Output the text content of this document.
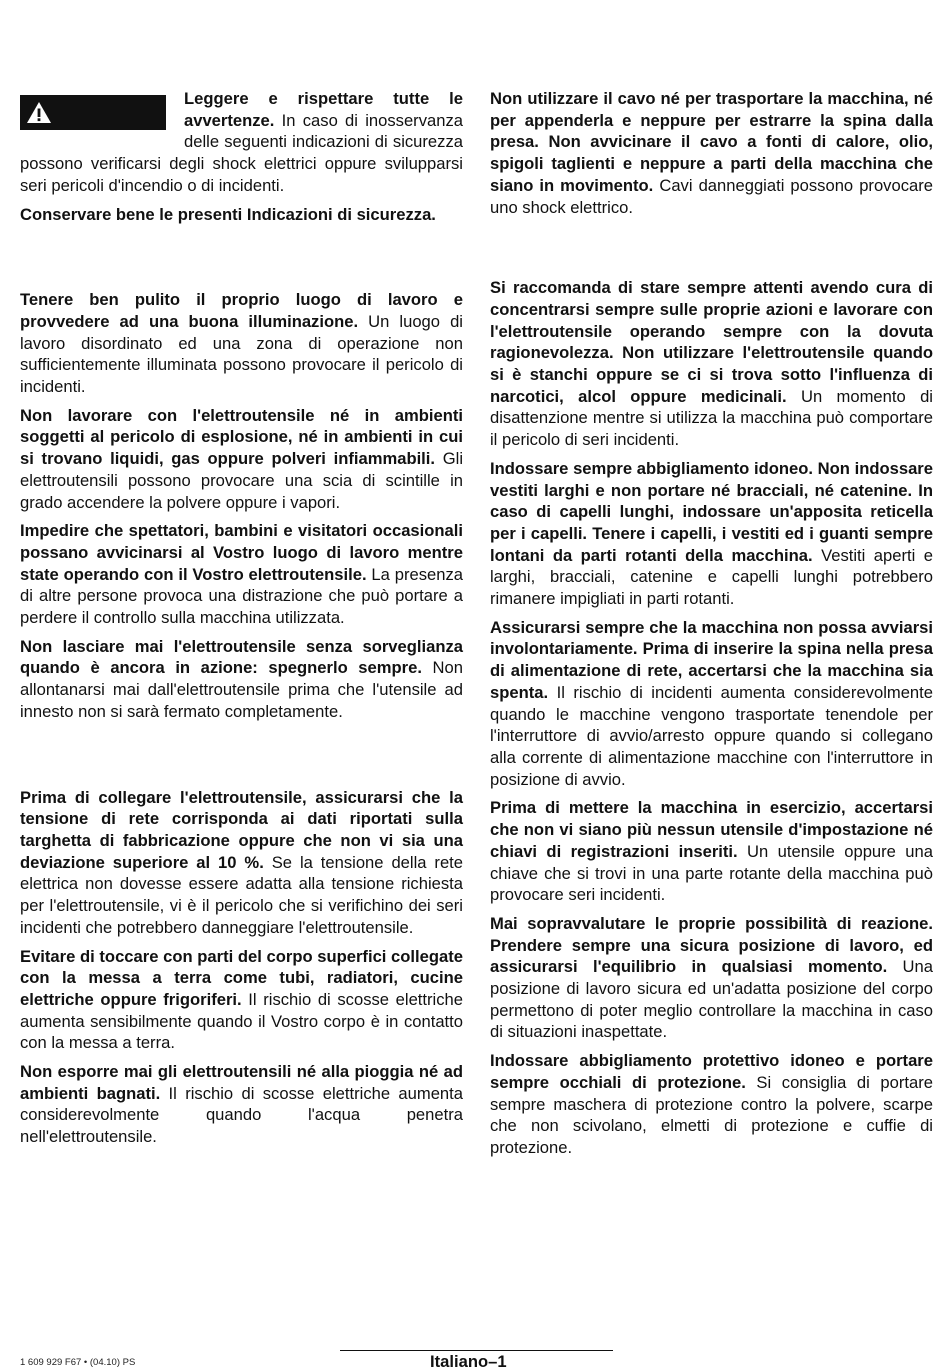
Leggere e rispettare tutte le avvertenze. In caso di inosservanza delle seguenti indicazioni di sicurezza possono verificarsi degli shock elettrici oppure svilupparsi seri pericoli d'incendio o di incidenti.

Conservare bene le presenti Indicazioni di sicurezza.

Tenere ben pulito il proprio luogo di lavoro e provvedere ad una buona illuminazione. Un luogo di lavoro disordinato ed una zona di operazione non sufficientemente illuminata possono provocare il pericolo di incidenti.

Non lavorare con l'elettroutensile né in ambienti soggetti al pericolo di esplosione, né in ambienti in cui si trovano liquidi, gas oppure polveri infiammabili. Gli elettroutensili possono provocare una scia di scintille in grado accendere la polvere oppure i vapori.

Impedire che spettatori, bambini e visitatori occasionali possano avvicinarsi al Vostro luogo di lavoro mentre state operando con il Vostro elettroutensile. La presenza di altre persone provoca una distrazione che può portare a perdere il controllo sulla macchina utilizzata.

Non lasciare mai l'elettroutensile senza sorveglianza quando è ancora in azione: spegnerlo sempre. Non allontanarsi mai dall'elettroutensile prima che l'utensile ad innesto non si sarà fermato completamente.

Prima di collegare l'elettroutensile, assicurarsi che la tensione di rete corrisponda ai dati riportati sulla targhetta di fabbricazione oppure che non vi sia una deviazione superiore al 10 %. Se la tensione della rete elettrica non dovesse essere adatta alla tensione richiesta per l'elettroutensile, vi è il pericolo che si verifichino dei seri incidenti che potrebbero danneggiare l'elettroutensile.

Evitare di toccare con parti del corpo superfici collegate con la messa a terra come tubi, radiatori, cucine elettriche oppure frigoriferi. Il rischio di scosse elettriche aumenta sensibilmente quando il Vostro corpo è in contatto con la messa a terra.

Non esporre mai gli elettroutensili né alla pioggia né ad ambienti bagnati. Il rischio di scosse elettriche aumenta considerevolmente quando l'acqua penetra nell'elettroutensile.

Non utilizzare il cavo né per trasportare la macchina, né per appenderla e neppure per estrarre la spina dalla presa. Non avvicinare il cavo a fonti di calore, olio, spigoli taglienti e neppure a parti della macchina che siano in movimento. Cavi danneggiati possono provocare uno shock elettrico.

Si raccomanda di stare sempre attenti avendo cura di concentrarsi sempre sulle proprie azioni e lavorare con l'elettroutensile operando sempre con la dovuta ragionevolezza. Non utilizzare l'elettroutensile quando si è stanchi oppure se ci si trova sotto l'influenza di narcotici, alcol oppure medicinali. Un momento di disattenzione mentre si utilizza la macchina può comportare il pericolo di seri incidenti.

Indossare sempre abbigliamento idoneo. Non indossare vestiti larghi e non portare né bracciali, né catenine. In caso di capelli lunghi, indossare un'apposita reticella per i capelli. Tenere i capelli, i vestiti ed i guanti sempre lontani da parti rotanti della macchina. Vestiti aperti e larghi, bracciali, catenine e capelli lunghi potrebbero rimanere impigliati in parti rotanti.

Assicurarsi sempre che la macchina non possa avviarsi involontariamente. Prima di inserire la spina nella presa di alimentazione di rete, accertarsi che la macchina sia spenta. Il rischio di incidenti aumenta considerevolmente quando le macchine vengono trasportate tenendole per l'interruttore di avvio/arresto oppure quando si collegano alla corrente di alimentazione macchine con l'interruttore in posizione di avvio.

Prima di mettere la macchina in esercizio, accertarsi che non vi siano più nessun utensile d'impostazione né chiavi di registrazioni inseriti. Un utensile oppure una chiave che si trovi in una parte rotante della macchina può provocare seri incidenti.

Mai sopravvalutare le proprie possibilità di reazione. Prendere sempre una sicura posizione di lavoro, ed assicurarsi l'equilibrio in qualsiasi momento. Una posizione di lavoro sicura ed un'adatta posizione del corpo permettono di poter meglio controllare la macchina in caso di situazioni inaspettate.

Indossare abbigliamento protettivo idoneo e portare sempre occhiali di protezione. Si consiglia di portare sempre maschera di protezione contro la polvere, scarpe che non scivolano, elmetti di protezione e cuffie di protezione.

1 609 929 F67 • (04.10) PS	Italiano–1
